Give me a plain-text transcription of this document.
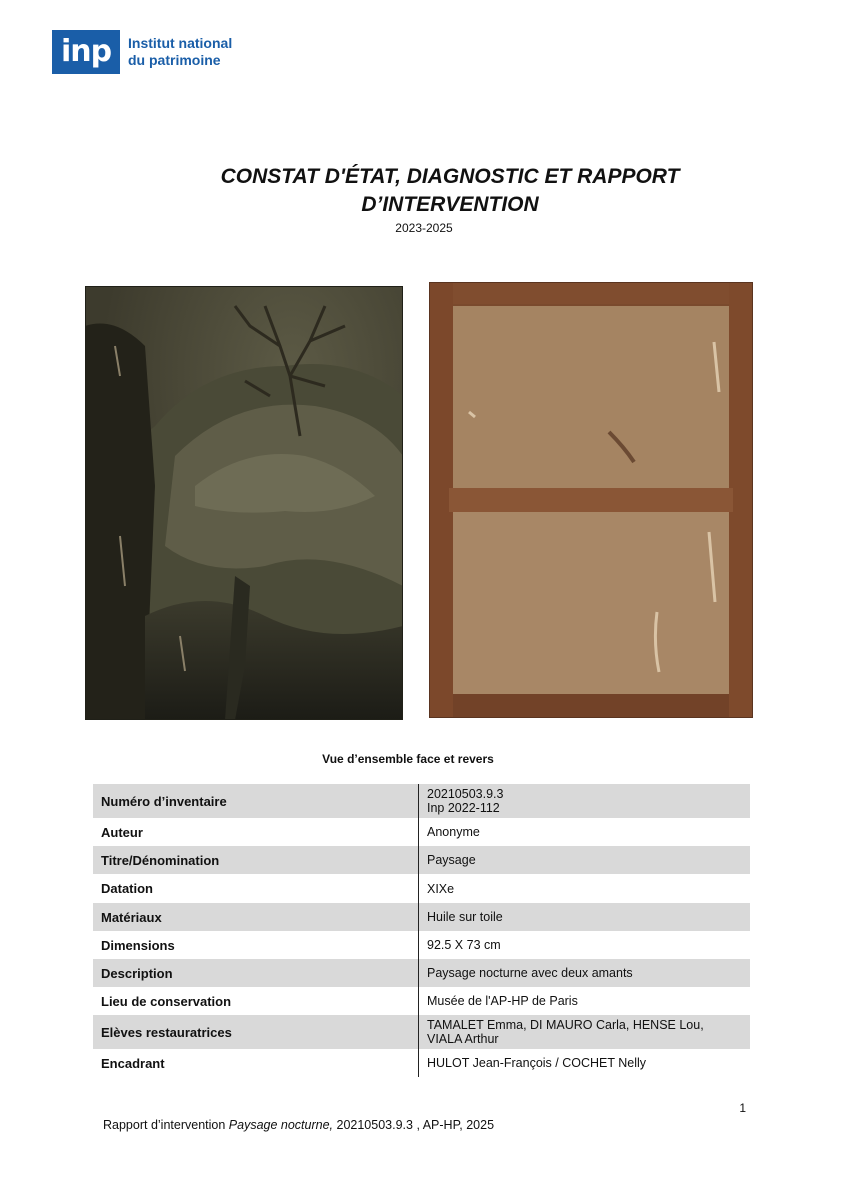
inp	Institut national
du patrimoine
CONSTAT D'ÉTAT, DIAGNOSTIC ET RAPPORT
D’INTERVENTION
2023-2025
Vue d’ensemble face et revers
Numéro d’inventaire	20210503.9.3
Inp 2022-112

Auteur	Anonyme
Titre/Dénomination	Paysage
Datation	XIXe
Matériaux	Huile sur toile
Dimensions	92.5 X 73 cm
Description	Paysage nocturne avec deux amants
Lieu de conservation	Musée de l'AP-HP de Paris
Elèves restauratrices	TAMALET Emma, DI MAURO Carla, HENSE Lou,
VIALA Arthur

Encadrant	HULOT Jean-François / COCHET Nelly
1
Rapport d’intervention Paysage nocturne, 20210503.9.3 , AP-HP, 2025
